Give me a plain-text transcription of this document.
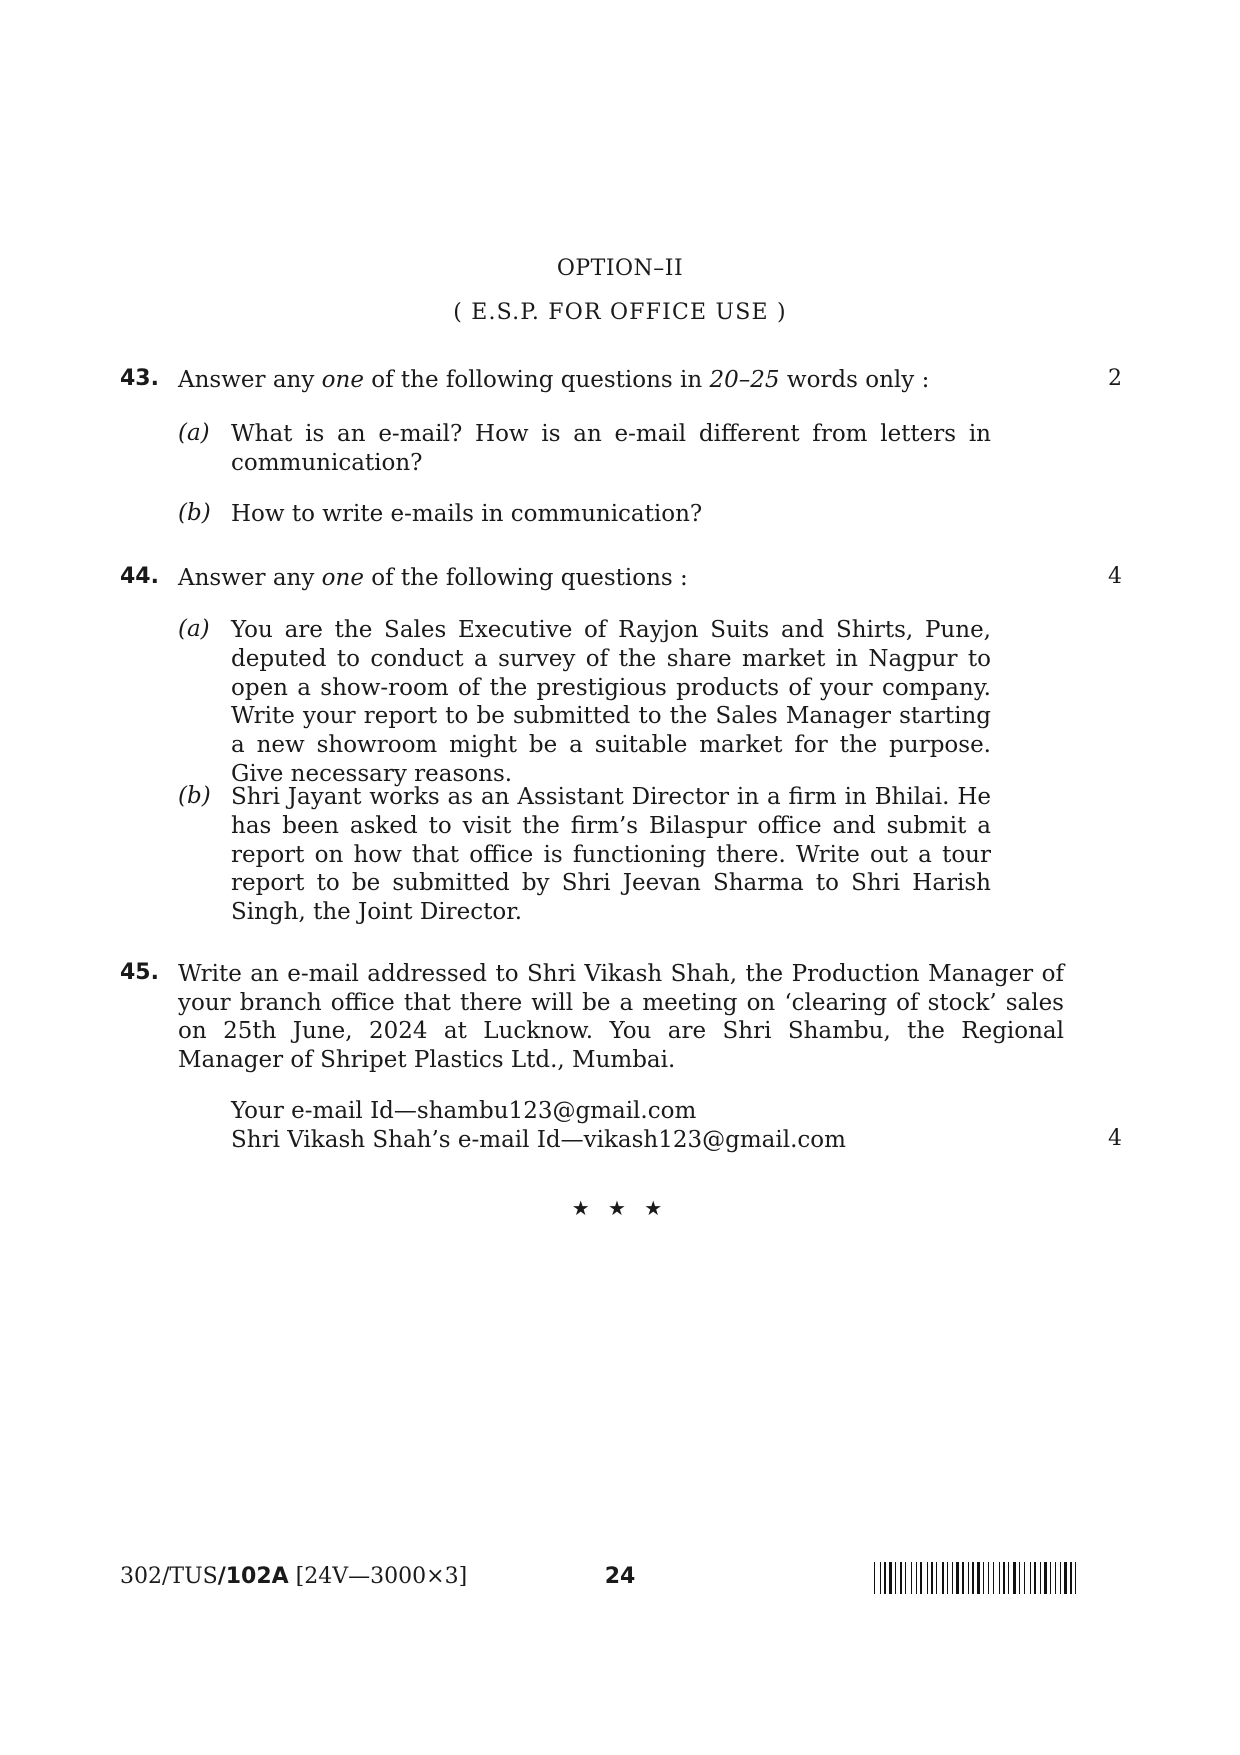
OPTION–II
( E.S.P. FOR OFFICE USE )
43. Answer any one of the following questions in 20–25 words only :	2
(a) What is an e-mail? How is an e-mail different from letters in communication?
(b) How to write e-mails in communication?
44. Answer any one of the following questions :	4
(a) You are the Sales Executive of Rayjon Suits and Shirts, Pune, deputed to conduct a survey of the share market in Nagpur to open a show-room of the prestigious products of your company. Write your report to be submitted to the Sales Manager starting a new showroom might be a suitable market for the purpose. Give necessary reasons.
(b) Shri Jayant works as an Assistant Director in a firm in Bhilai. He has been asked to visit the firm’s Bilaspur office and submit a report on how that office is functioning there. Write out a tour report to be submitted by Shri Jeevan Sharma to Shri Harish Singh, the Joint Director.
45. Write an e-mail addressed to Shri Vikash Shah, the Production Manager of your branch office that there will be a meeting on ‘clearing of stock’ sales on 25th June, 2024 at Lucknow. You are Shri Shambu, the Regional Manager of Shripet Plastics Ltd., Mumbai.
Your e-mail Id—shambu123@gmail.com
Shri Vikash Shah’s e-mail Id—vikash123@gmail.com	4
★ ★ ★
302/TUS/102A [24V—3000×3]	24
